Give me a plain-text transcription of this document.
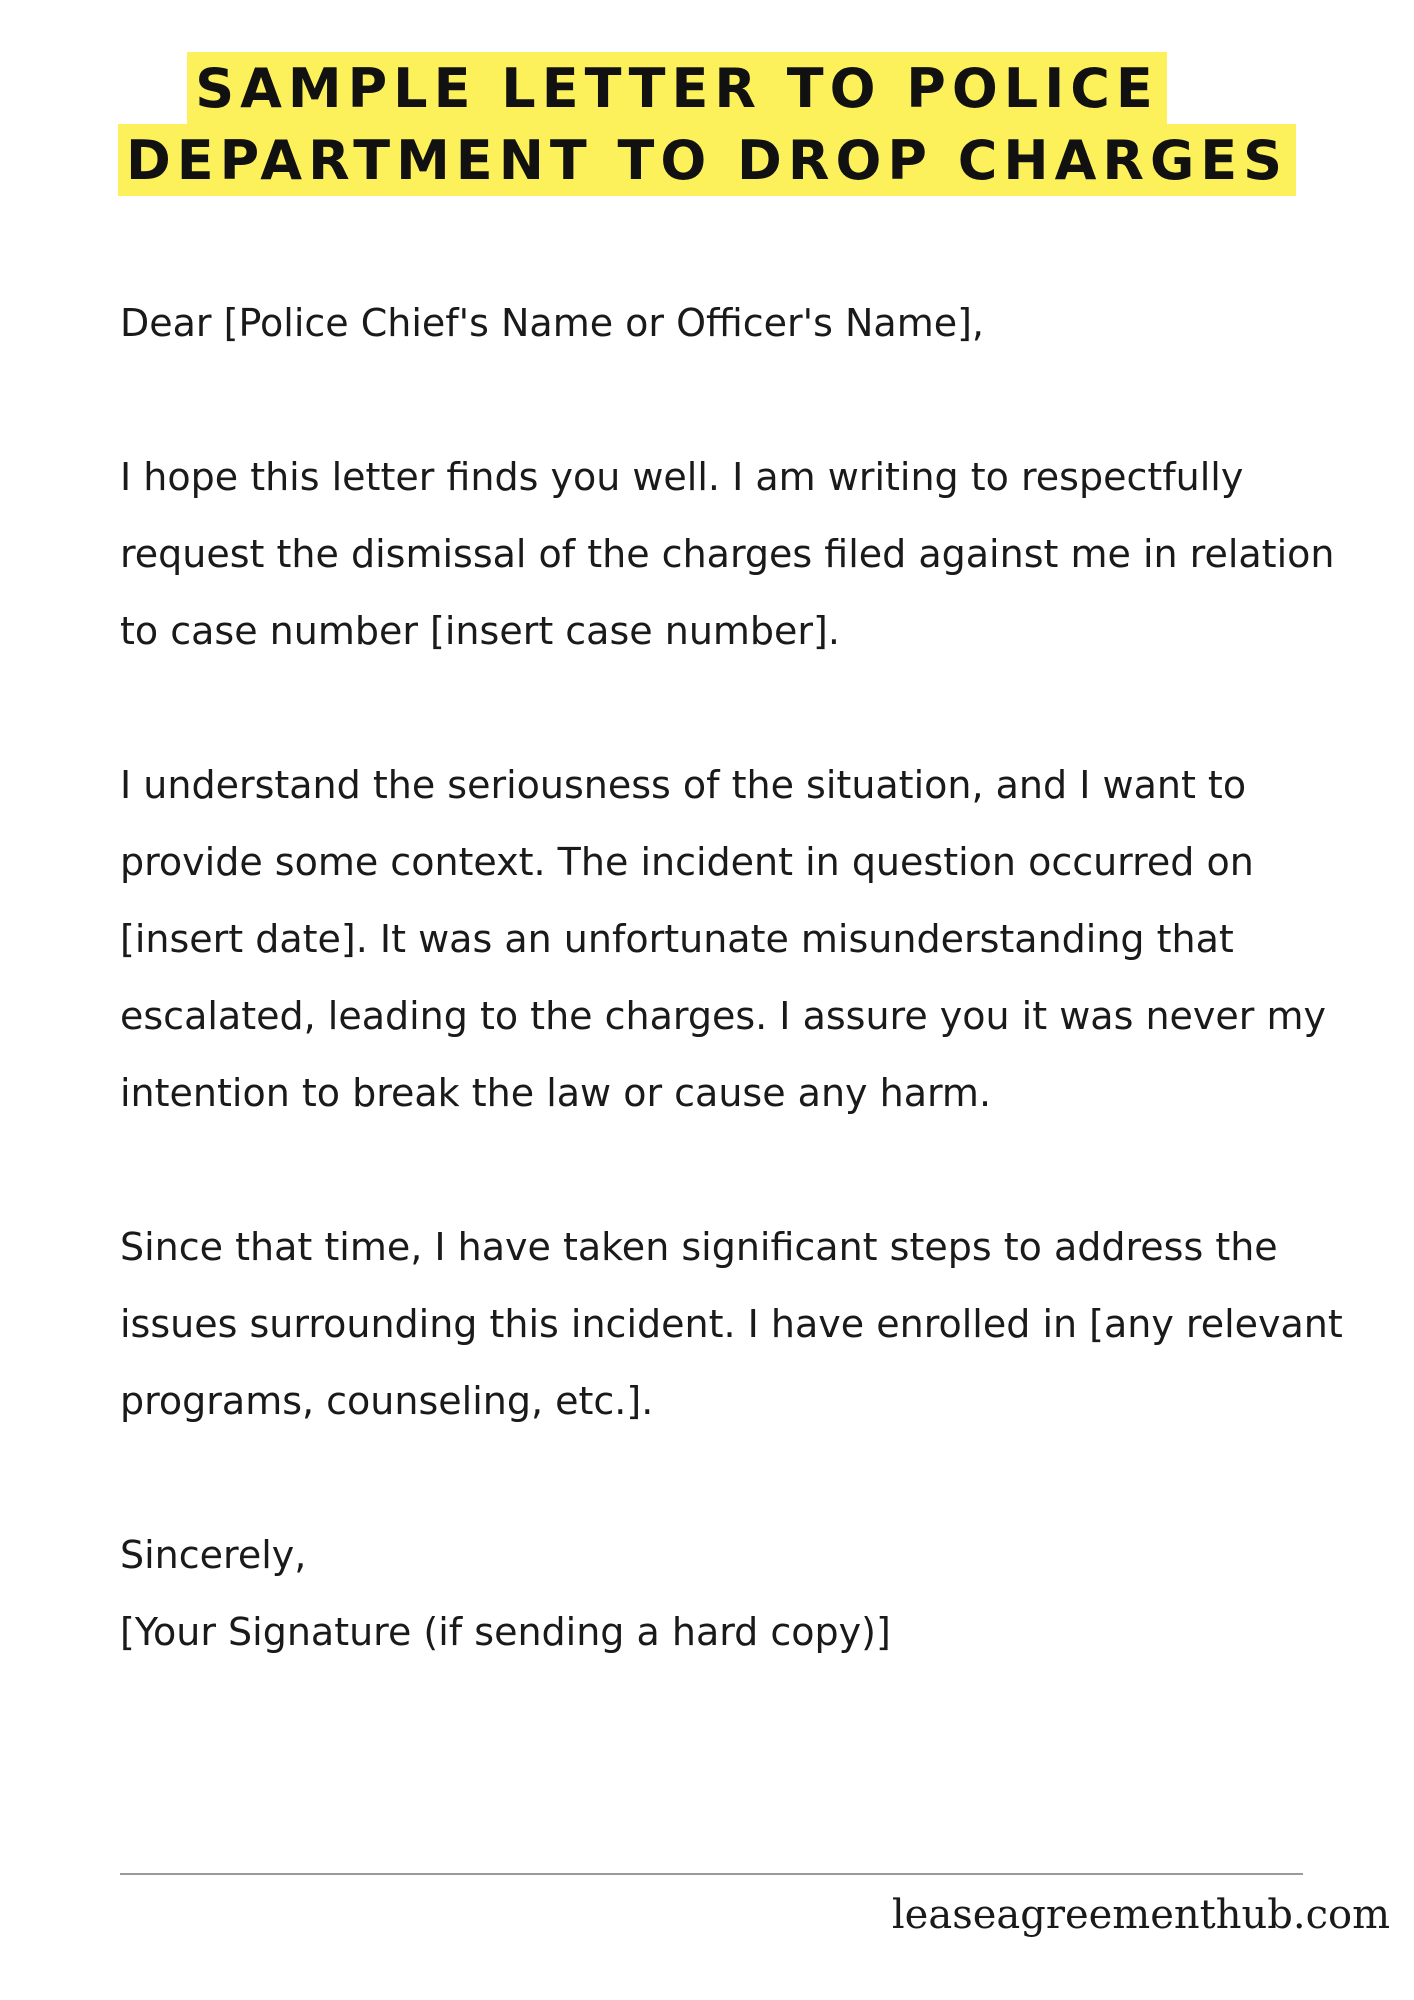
SAMPLE LETTER TO POLICE
DEPARTMENT TO DROP CHARGES

Dear [Police Chief's Name or Officer's Name],

I hope this letter finds you well. I am writing to respectfully request the dismissal of the charges filed against me in relation to case number [insert case number].

I understand the seriousness of the situation, and I want to provide some context. The incident in question occurred on [insert date]. It was an unfortunate misunderstanding that escalated, leading to the charges. I assure you it was never my intention to break the law or cause any harm.

Since that time, I have taken significant steps to address the issues surrounding this incident. I have enrolled in [any relevant programs, counseling, etc.].

Sincerely,

[Your Signature (if sending a hard copy)]

leaseagreementhub.com
